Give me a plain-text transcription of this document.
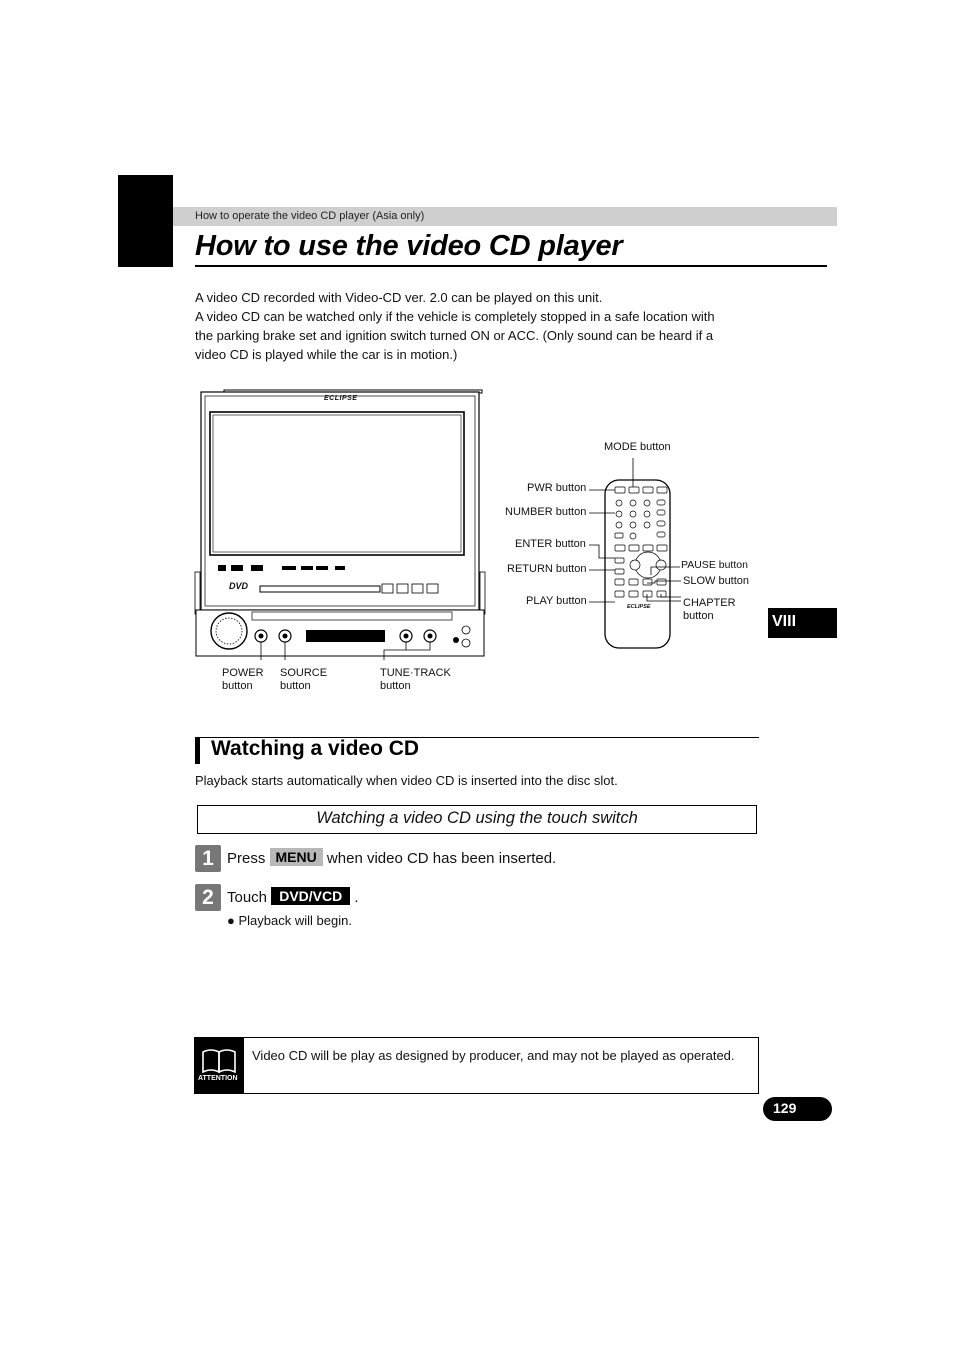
How to operate the video CD player (Asia only)
How to use the video CD player
A video CD recorded with Video-CD ver. 2.0 can be played on this unit.
A video CD can be watched only if the vehicle is completely stopped in a safe location with
the parking brake set and ignition switch turned ON or ACC. (Only sound can be heard if a
video CD is played while the car is in motion.)
VIII
ECLIPSE
DVD
POWER
button
SOURCE
button
TUNE·TRACK
button
ECLIPSE
MODE button
PWR button
NUMBER button
ENTER button
RETURN button
PLAY button
PAUSE button
SLOW button
CHAPTER
button
Watching a video CD
Playback starts automatically when video CD is inserted into the disc slot.
Watching a video CD using the touch switch
1 Press MENU when video CD has been inserted.
2 Touch DVD/VCD .
● Playback will begin.
ATTENTION
Video CD will be play as designed by producer, and may not be played as operated.
129
